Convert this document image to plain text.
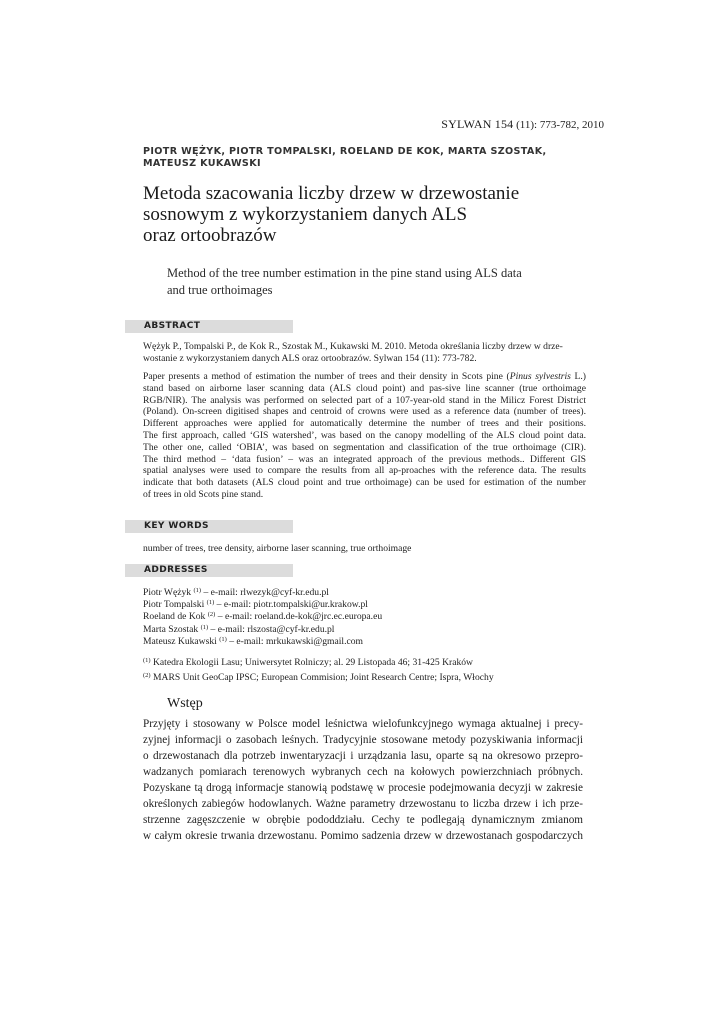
SYLWAN 154 (11): 773-782, 2010
PIOTR WĘŻYK, PIOTR TOMPALSKI, ROELAND DE KOK, MARTA SZOSTAK,
MATEUSZ KUKAWSKI
Metoda szacowania liczby drzew w drzewostanie
sosnowym z wykorzystaniem danych ALS
oraz ortoobrazów
Method of the tree number estimation in the pine stand using ALS data
and true orthoimages
ABSTRACT
Wężyk P., Tompalski P., de Kok R., Szostak M., Kukawski M. 2010. Metoda określania liczby drzew w drze-
wostanie z wykorzystaniem danych ALS oraz ortoobrazów. Sylwan 154 (11): 773-782.
Paper presents a method of estimation the number of trees and their density in Scots pine (Pinus sylvestris L.)
stand based on airborne laser scanning data (ALS cloud point) and pas-sive line scanner (true orthoimage
RGB/NIR). The analysis was performed on selected part of a 107-year-old stand in the Milicz Forest District
(Poland). On-screen digitised shapes and centroid of crowns were used as a reference data (number of trees).
Different approaches were applied for automatically determine the number of trees and their positions.
The first approach, called ‘GIS watershed’, was based on the canopy modelling of the ALS cloud point data.
The other one, called ‘OBIA’, was based on segmentation and classification of the true orthoimage (CIR).
The third method – ‘data fusion’ – was an integrated approach of the previous methods.. Different GIS
spatial analyses were used to compare the results from all ap-proaches with the reference data. The results
indicate that both datasets (ALS cloud point and true orthoimage) can be used for estimation of the number
of trees in old Scots pine stand.
KEY WORDS
number of trees, tree density, airborne laser scanning, true orthoimage
ADDRESSES
Piotr Wężyk $^{(1)}$ – e-mail: rlwezyk@cyf-kr.edu.pl
Piotr Tompalski $^{(1)}$ – e-mail: piotr.tompalski@ur.krakow.pl
Roeland de Kok $^{(2)}$ – e-mail: roeland.de-kok@jrc.ec.europa.eu
Marta Szostak $^{(1)}$ – e-mail: rlszosta@cyf-kr.edu.pl
Mateusz Kukawski $^{(1)}$ – e-mail: mrkukawski@gmail.com
$^{(1)}$ Katedra Ekologii Lasu; Uniwersytet Rolniczy; al. 29 Listopada 46; 31-425 Kraków
$^{(2)}$ MARS Unit GeoCap IPSC; European Commision; Joint Research Centre; Ispra, Włochy
Wstęp
Przyjęty i stosowany w Polsce model leśnictwa wielofunkcyjnego wymaga aktualnej i precy-
zyjnej informacji o zasobach leśnych. Tradycyjnie stosowane metody pozyskiwania informacji
o drzewostanach dla potrzeb inwentaryzacji i urządzania lasu, oparte są na okresowo przepro-
wadzanych pomiarach terenowych wybranych cech na kołowych powierzchniach próbnych.
Pozyskane tą drogą informacje stanowią podstawę w procesie podejmowania decyzji w zakresie
określonych zabiegów hodowlanych. Ważne parametry drzewostanu to liczba drzew i ich prze-
strzenne zagęszczenie w obrębie pododdziału. Cechy te podlegają dynamicznym zmianom
w całym okresie trwania drzewostanu. Pomimo sadzenia drzew w drzewostanach gospodarczych
